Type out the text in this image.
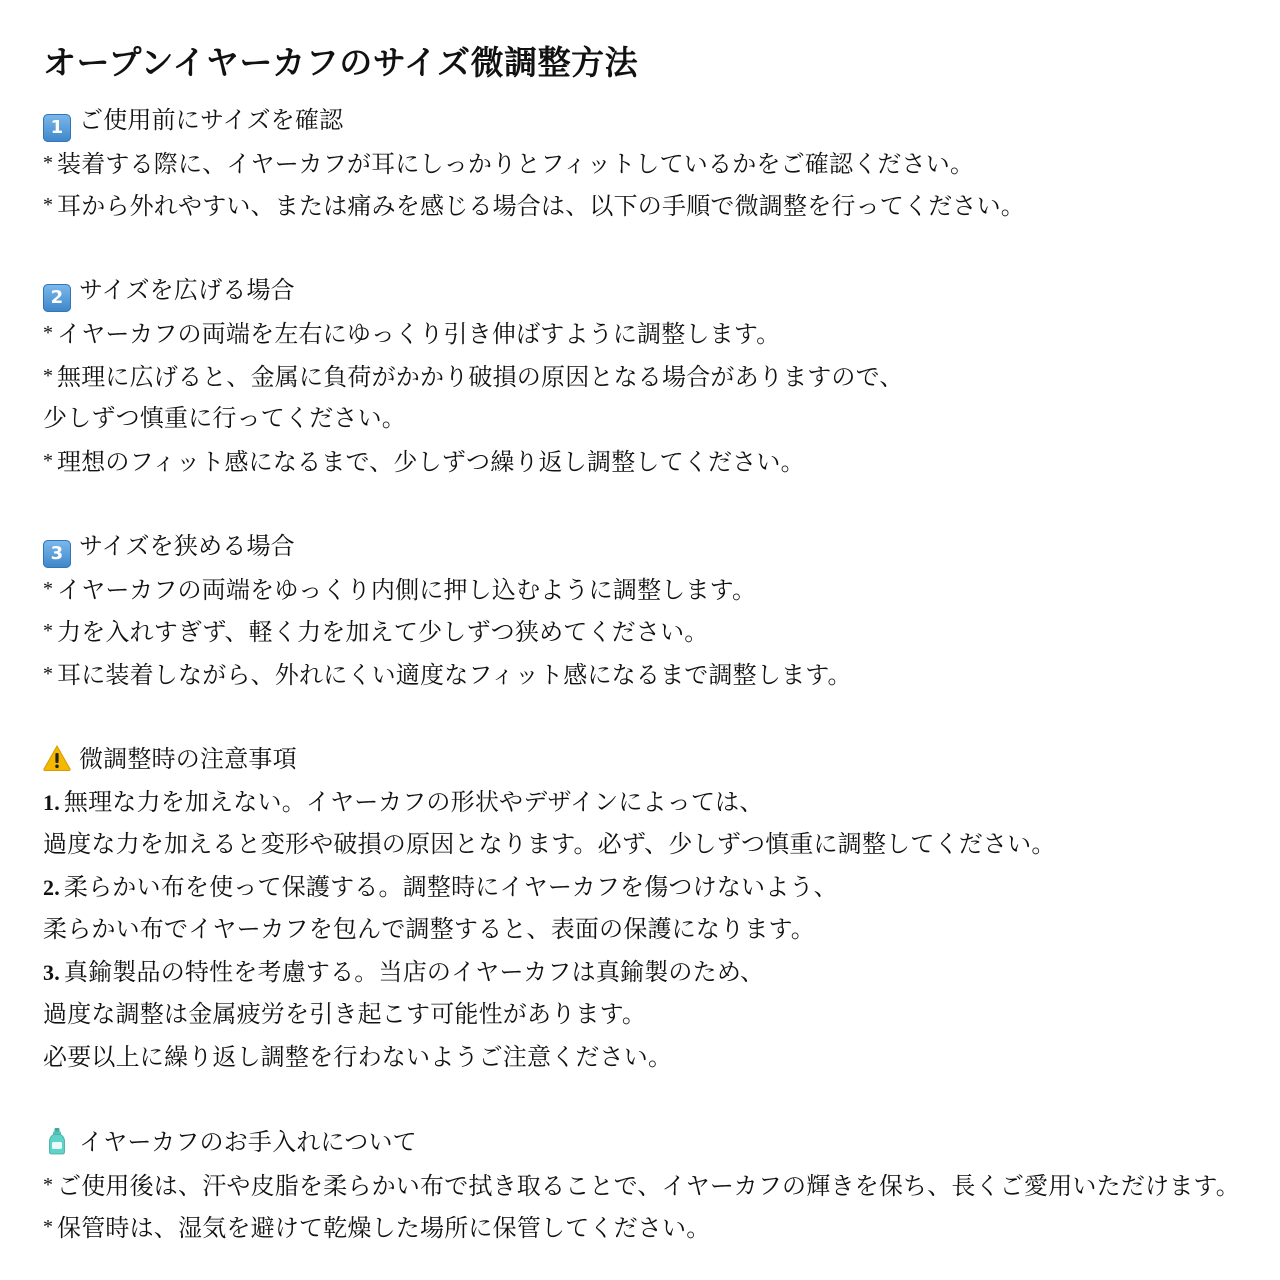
オープンイヤーカフのサイズ微調整方法
1 ご使用前にサイズを確認
* 装着する際に、イヤーカフが耳にしっかりとフィットしているかをご確認ください。
* 耳から外れやすい、または痛みを感じる場合は、以下の手順で微調整を行ってください。
2 サイズを広げる場合
* イヤーカフの両端を左右にゆっくり引き伸ばすように調整します。
* 無理に広げると、金属に負荷がかかり破損の原因となる場合がありますので、
少しずつ慎重に行ってください。
* 理想のフィット感になるまで、少しずつ繰り返し調整してください。
3 サイズを狭める場合
* イヤーカフの両端をゆっくり内側に押し込むように調整します。
* 力を入れすぎず、軽く力を加えて少しずつ狭めてください。
* 耳に装着しながら、外れにくい適度なフィット感になるまで調整します。
微調整時の注意事項
1. 無理な力を加えない。イヤーカフの形状やデザインによっては、
過度な力を加えると変形や破損の原因となります。必ず、少しずつ慎重に調整してください。
2. 柔らかい布を使って保護する。調整時にイヤーカフを傷つけないよう、
柔らかい布でイヤーカフを包んで調整すると、表面の保護になります。
3. 真鍮製品の特性を考慮する。当店のイヤーカフは真鍮製のため、
過度な調整は金属疲労を引き起こす可能性があります。
必要以上に繰り返し調整を行わないようご注意ください。
イヤーカフのお手入れについて
* ご使用後は、汗や皮脂を柔らかい布で拭き取ることで、イヤーカフの輝きを保ち、長くご愛用いただけます。
* 保管時は、湿気を避けて乾燥した場所に保管してください。
